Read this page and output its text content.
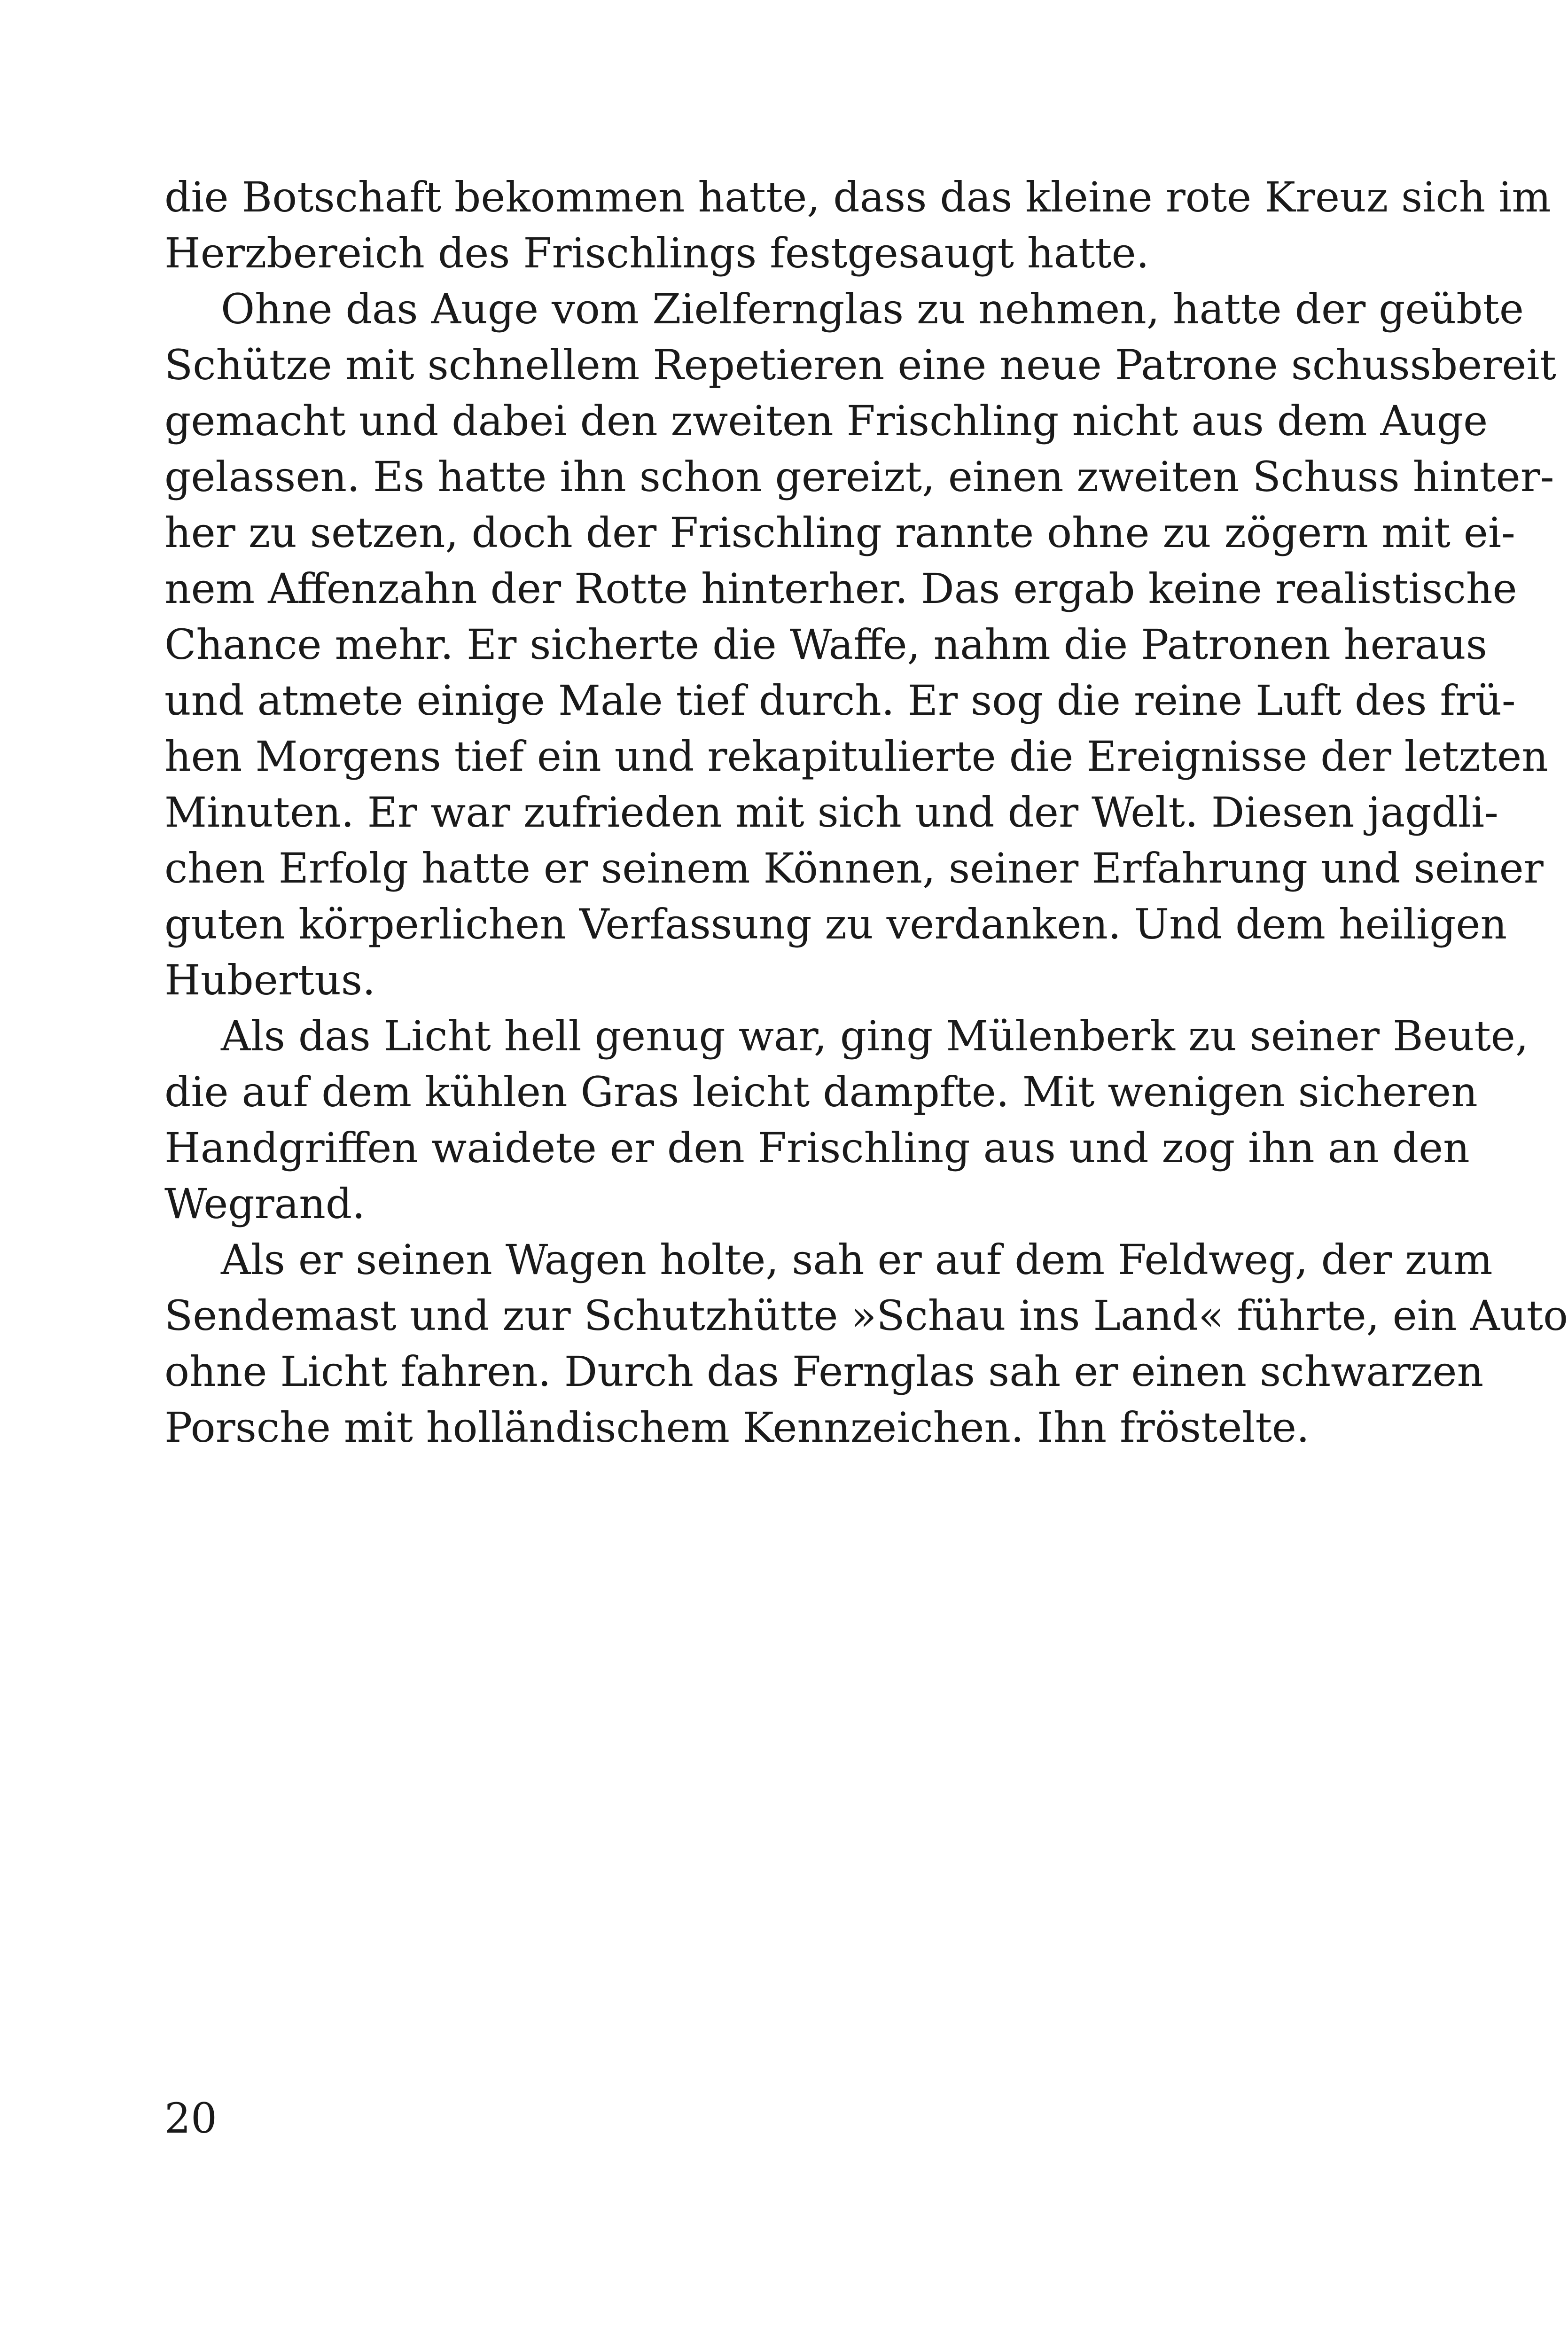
die Botschaft bekommen hatte, dass das kleine rote Kreuz sich im
Herzbereich des Frischlings festgesaugt hatte.
Ohne das Auge vom Zielfernglas zu nehmen, hatte der geübte
Schütze mit schnellem Repetieren eine neue Patrone schussbereit
gemacht und dabei den zweiten Frischling nicht aus dem Auge
gelassen. Es hatte ihn schon gereizt, einen zweiten Schuss hinter-
her zu setzen, doch der Frischling rannte ohne zu zögern mit ei-
nem Affenzahn der Rotte hinterher. Das ergab keine realistische
Chance mehr. Er sicherte die Waffe, nahm die Patronen heraus
und atmete einige Male tief durch. Er sog die reine Luft des frü-
hen Morgens tief ein und rekapitulierte die Ereignisse der letzten
Minuten. Er war zufrieden mit sich und der Welt. Diesen jagdli-
chen Erfolg hatte er seinem Können, seiner Erfahrung und seiner
guten körperlichen Verfassung zu verdanken. Und dem heiligen
Hubertus.
Als das Licht hell genug war, ging Mülenberk zu seiner Beute,
die auf dem kühlen Gras leicht dampfte. Mit wenigen sicheren
Handgriffen waidete er den Frischling aus und zog ihn an den
Wegrand.
Als er seinen Wagen holte, sah er auf dem Feldweg, der zum
Sendemast und zur Schutzhütte »Schau ins Land« führte, ein Auto
ohne Licht fahren. Durch das Fernglas sah er einen schwarzen
Porsche mit holländischem Kennzeichen. Ihn fröstelte.
20
